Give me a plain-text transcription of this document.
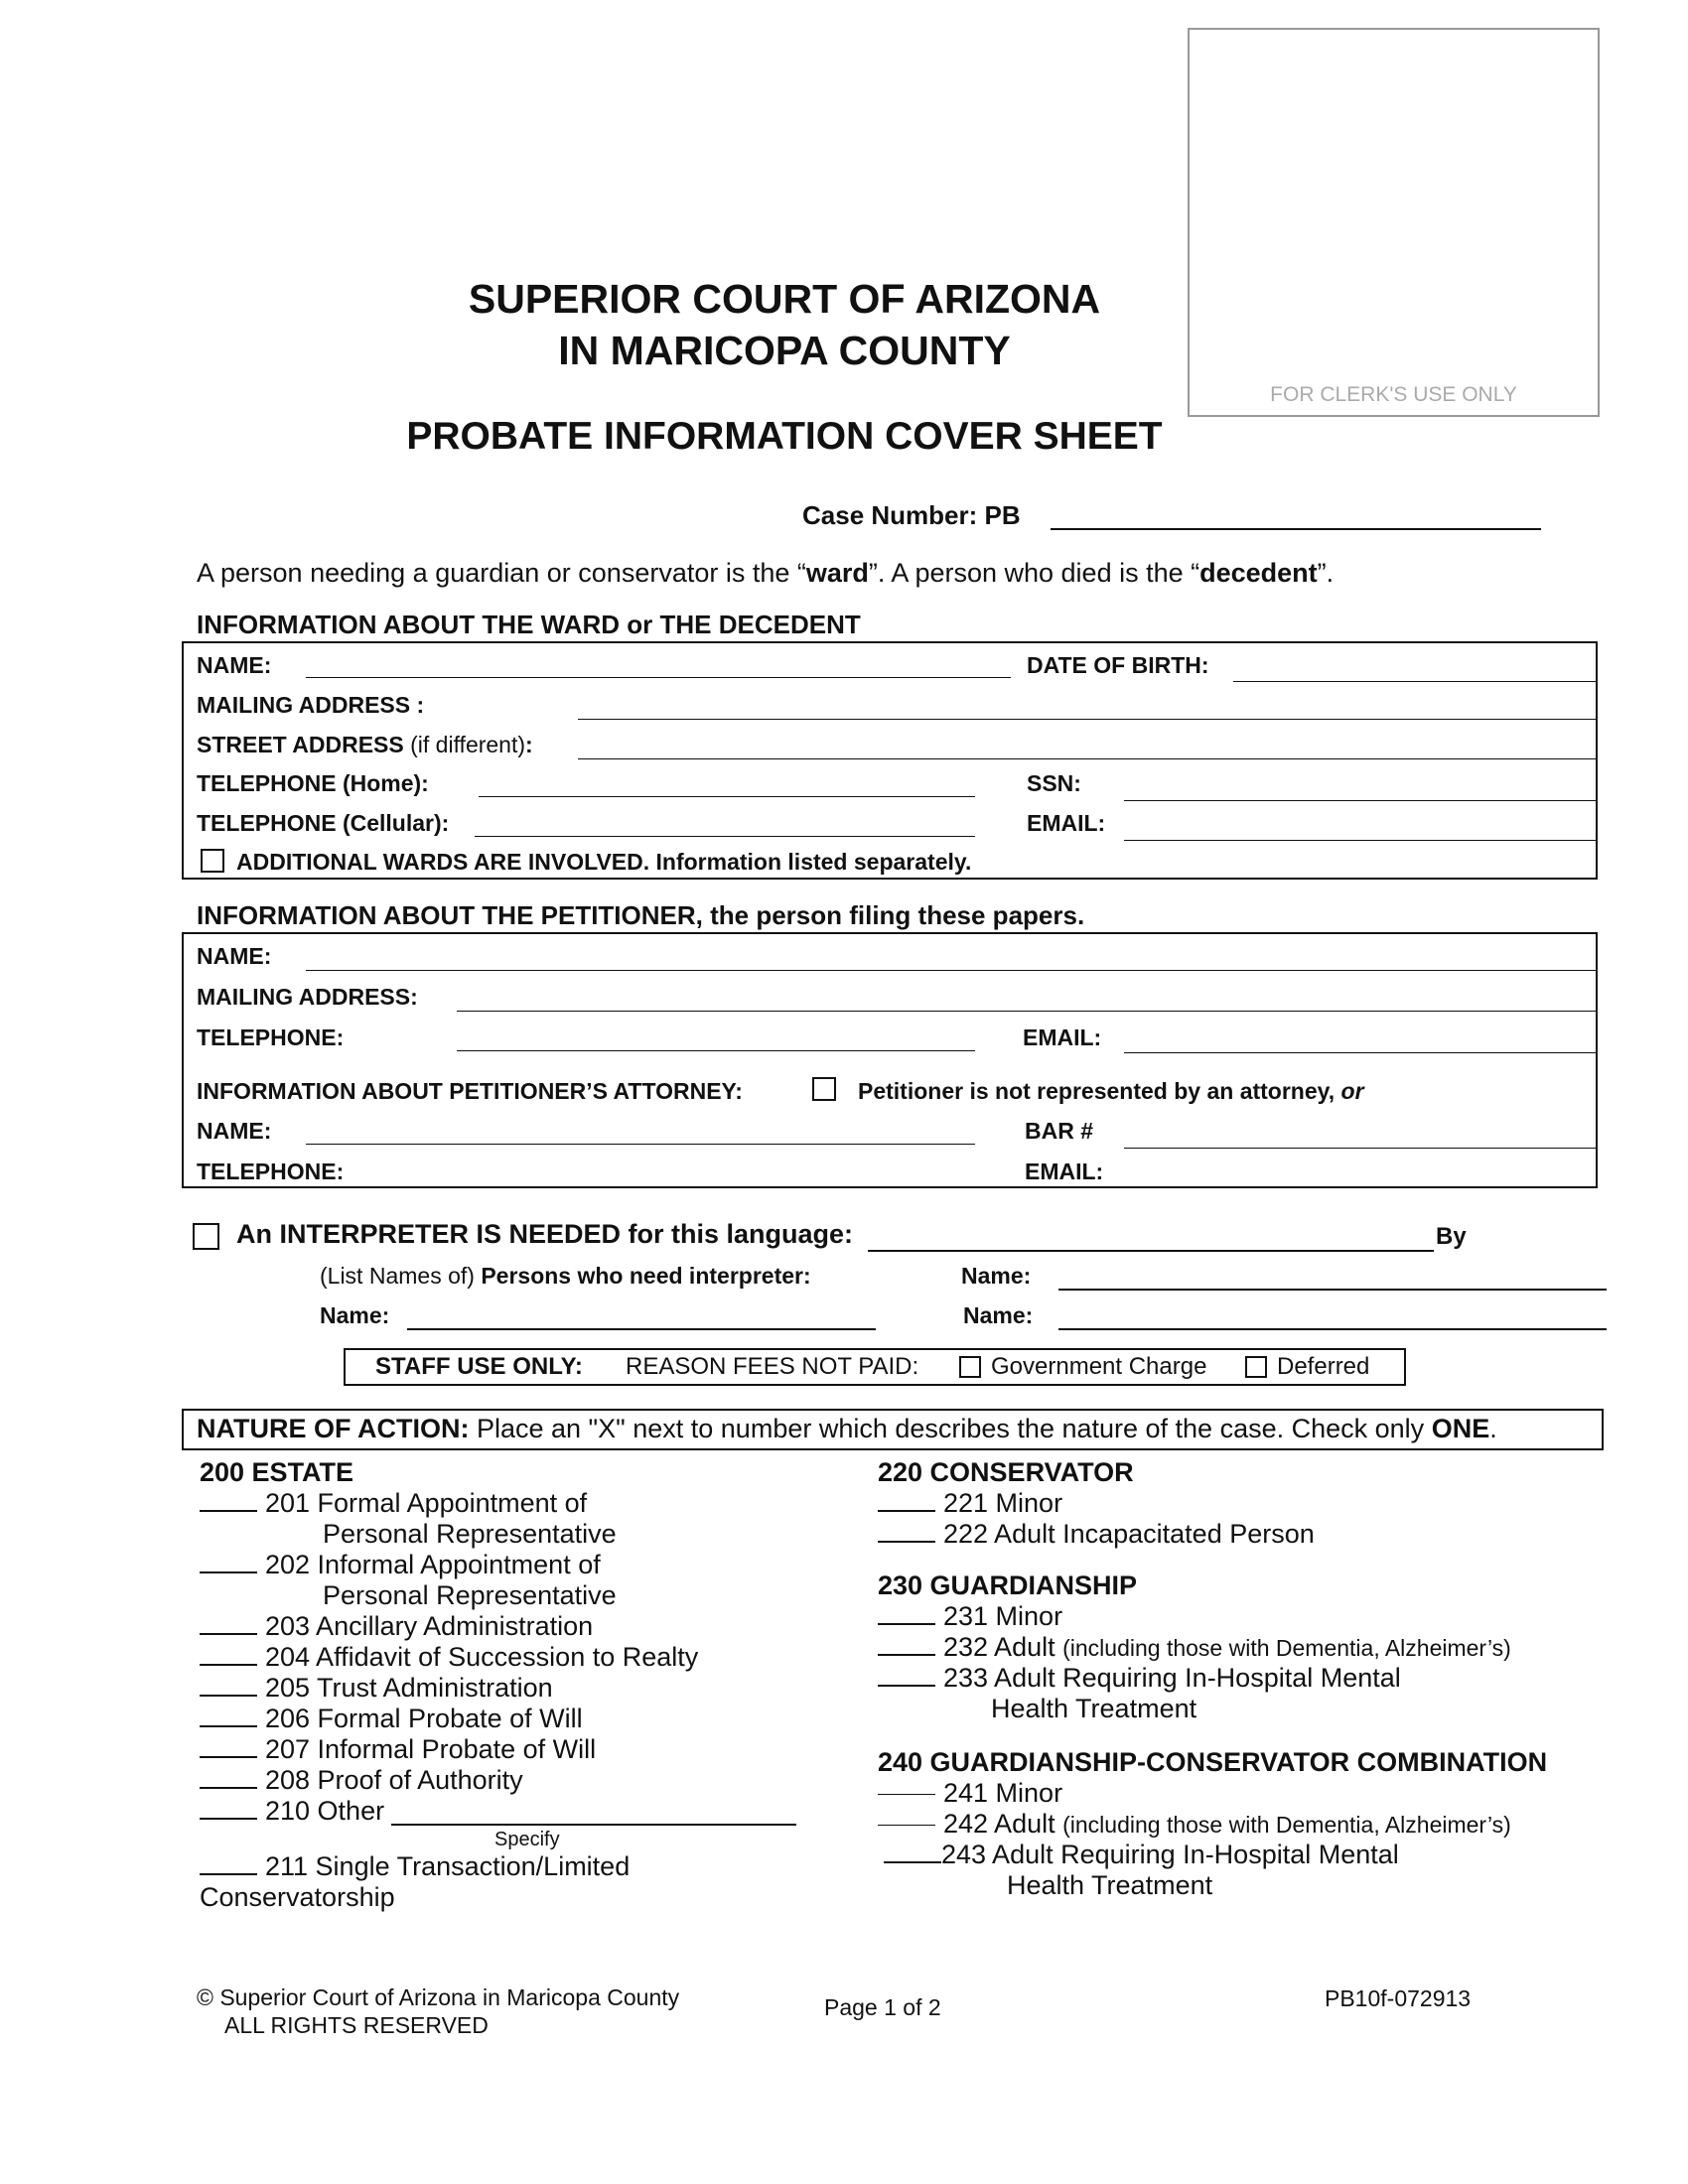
FOR CLERK'S USE ONLY
SUPERIOR COURT OF ARIZONA
IN MARICOPA COUNTY
PROBATE INFORMATION COVER SHEET
Case Number: PB
A person needing a guardian or conservator is the “ward”. A person who died is the “decedent”.
INFORMATION ABOUT THE WARD or THE DECEDENT
NAME:	DATE OF BIRTH:
MAILING ADDRESS :
STREET ADDRESS (if different):
TELEPHONE (Home):	SSN:
TELEPHONE (Cellular):	EMAIL:
ADDITIONAL WARDS ARE INVOLVED. Information listed separately.
INFORMATION ABOUT THE PETITIONER, the person filing these papers.
NAME:
MAILING ADDRESS:
TELEPHONE:	EMAIL:
INFORMATION ABOUT PETITIONER’S ATTORNEY:	Petitioner is not represented by an attorney, or
NAME:	BAR #
TELEPHONE:	EMAIL:
An INTERPRETER IS NEEDED for this language:	By
(List Names of) Persons who need interpreter:	Name:
Name:	Name:
STAFF USE ONLY: REASON FEES NOT PAID:	Government Charge	Deferred
NATURE OF ACTION: Place an "X" next to number which describes the nature of the case. Check only ONE.
200 ESTATE
201 Formal Appointment of
Personal Representative
202 Informal Appointment of
Personal Representative
203 Ancillary Administration
204 Affidavit of Succession to Realty
205 Trust Administration
206 Formal Probate of Will
207 Informal Probate of Will
208 Proof of Authority
210 Other
Specify
211 Single Transaction/Limited
Conservatorship
220 CONSERVATOR
221 Minor
222 Adult Incapacitated Person
230 GUARDIANSHIP
231 Minor
232 Adult (including those with Dementia, Alzheimer’s)
233 Adult Requiring In-Hospital Mental
Health Treatment
240 GUARDIANSHIP-CONSERVATOR COMBINATION
241 Minor
242 Adult (including those with Dementia, Alzheimer’s)
243 Adult Requiring In-Hospital Mental
Health Treatment
© Superior Court of Arizona in Maricopa County
ALL RIGHTS RESERVED
Page 1 of 2	PB10f-072913
